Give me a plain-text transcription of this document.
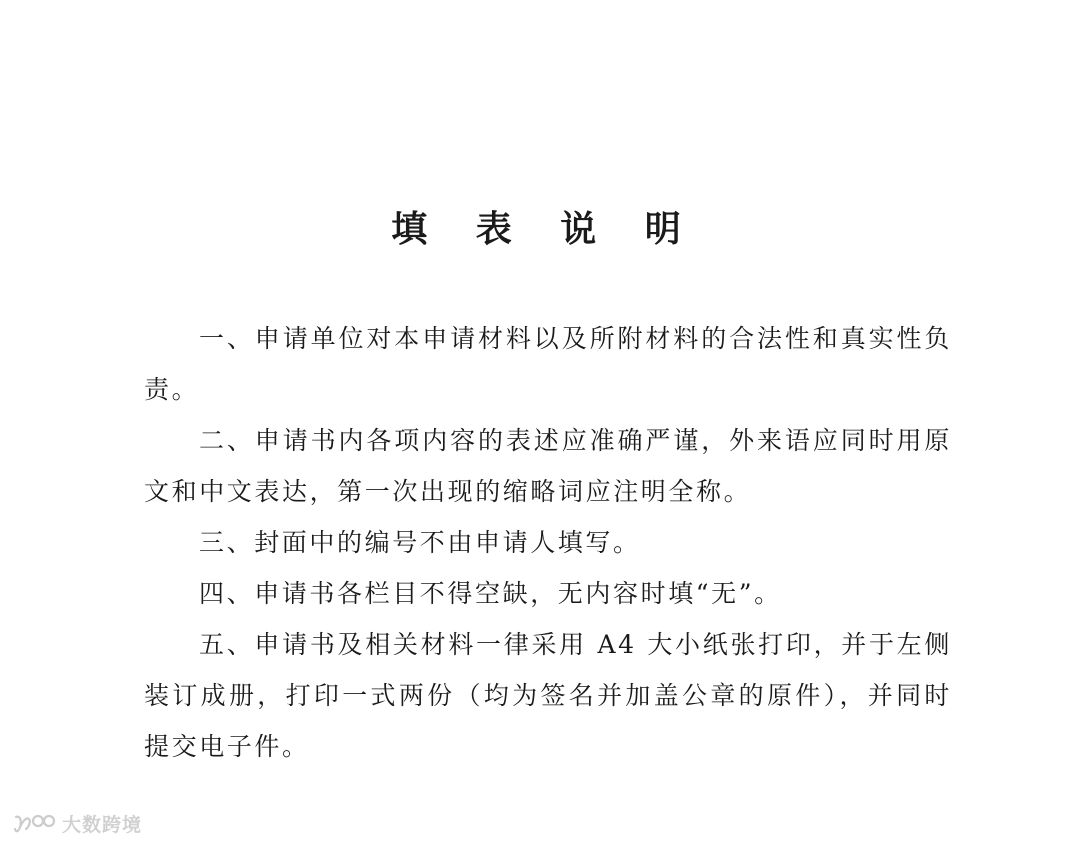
填 表 说 明

一、申请单位对本申请材料以及所附材料的合法性和真实性负责。

二、申请书内各项内容的表述应准确严谨，外来语应同时用原文和中文表达，第一次出现的缩略词应注明全称。

三、封面中的编号不由申请人填写。

四、申请书各栏目不得空缺，无内容时填“无”。

五、申请书及相关材料一律采用 A4 大小纸张打印，并于左侧装订成册，打印一式两份（均为签名并加盖公章的原件），并同时提交电子件。

大数跨境
